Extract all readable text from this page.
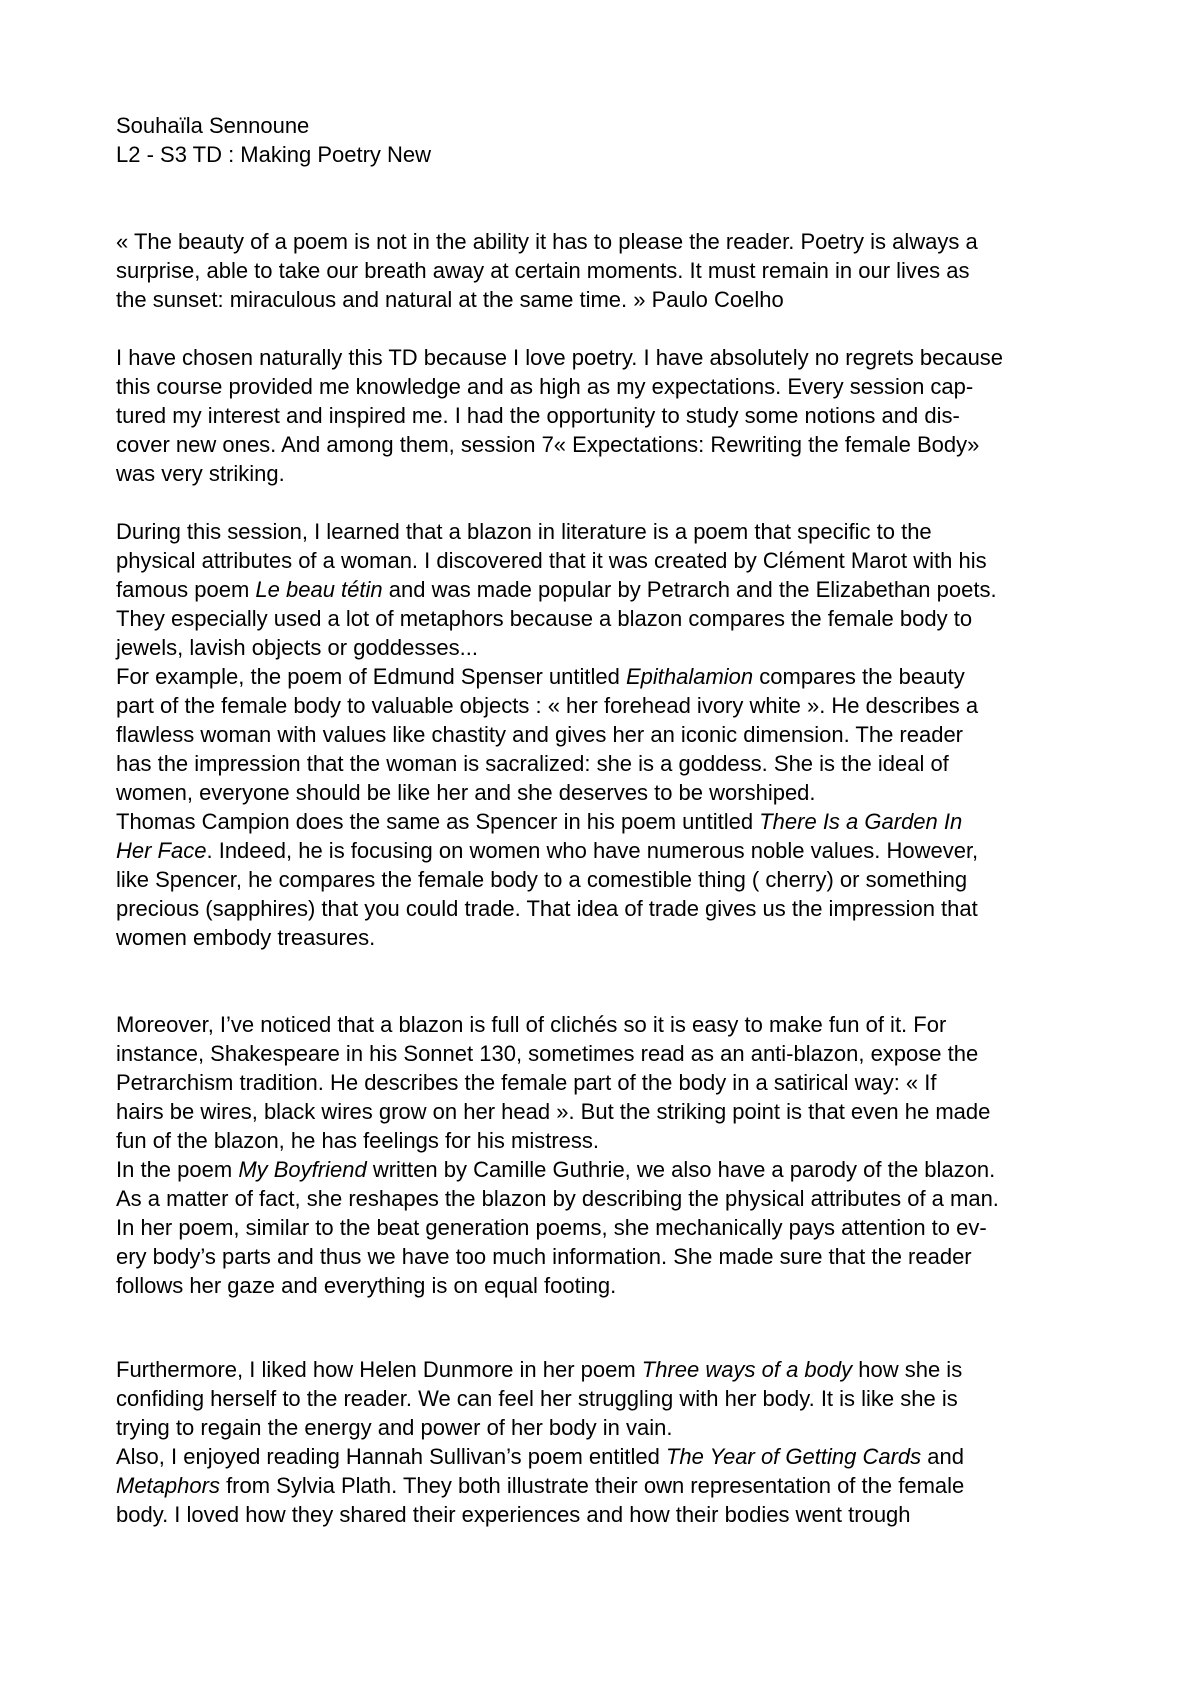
Souhaïla Sennoune
L2 - S3 TD : Making Poetry New
« The beauty of a poem is not in the ability it has to please the reader. Poetry is always a
surprise, able to take our breath away at certain moments. It must remain in our lives as
the sunset: miraculous and natural at the same time. » Paulo Coelho
I have chosen naturally this TD because I love poetry. I have absolutely no regrets because
this course provided me knowledge and as high as my expectations. Every session cap-
tured my interest and inspired me. I had the opportunity to study some notions and dis-
cover new ones. And among them, session 7« Expectations: Rewriting the female Body»
was very striking.
During this session, I learned that a blazon in literature is a poem that specific to the
physical attributes of a woman. I discovered that it was created by Clément Marot with his
famous poem Le beau tétin and was made popular by Petrarch and the Elizabethan poets.
They especially used a lot of metaphors because a blazon compares the female body to
jewels, lavish objects or goddesses...
For example, the poem of Edmund Spenser untitled Epithalamion compares the beauty
part of the female body to valuable objects : « her forehead ivory white ». He describes a
flawless woman with values like chastity and gives her an iconic dimension. The reader
has the impression that the woman is sacralized: she is a goddess. She is the ideal of
women, everyone should be like her and she deserves to be worshiped.
Thomas Campion does the same as Spencer in his poem untitled There Is a Garden In
Her Face. Indeed, he is focusing on women who have numerous noble values. However,
like Spencer, he compares the female body to a comestible thing ( cherry) or something
precious (sapphires) that you could trade. That idea of trade gives us the impression that
women embody treasures.
Moreover, I’ve noticed that a blazon is full of clichés so it is easy to make fun of it. For
instance, Shakespeare in his Sonnet 130, sometimes read as an anti-blazon, expose the
Petrarchism tradition. He describes the female part of the body in a satirical way: « If
hairs be wires, black wires grow on her head ». But the striking point is that even he made
fun of the blazon, he has feelings for his mistress.
In the poem My Boyfriend written by Camille Guthrie, we also have a parody of the blazon.
As a matter of fact, she reshapes the blazon by describing the physical attributes of a man.
In her poem, similar to the beat generation poems, she mechanically pays attention to ev-
ery body’s parts and thus we have too much information. She made sure that the reader
follows her gaze and everything is on equal footing.
Furthermore, I liked how Helen Dunmore in her poem Three ways of a body how she is
confiding herself to the reader. We can feel her struggling with her body. It is like she is
trying to regain the energy and power of her body in vain.
Also, I enjoyed reading Hannah Sullivan’s poem entitled The Year of Getting Cards and
Metaphors from Sylvia Plath. They both illustrate their own representation of the female
body. I loved how they shared their experiences and how their bodies went trough
